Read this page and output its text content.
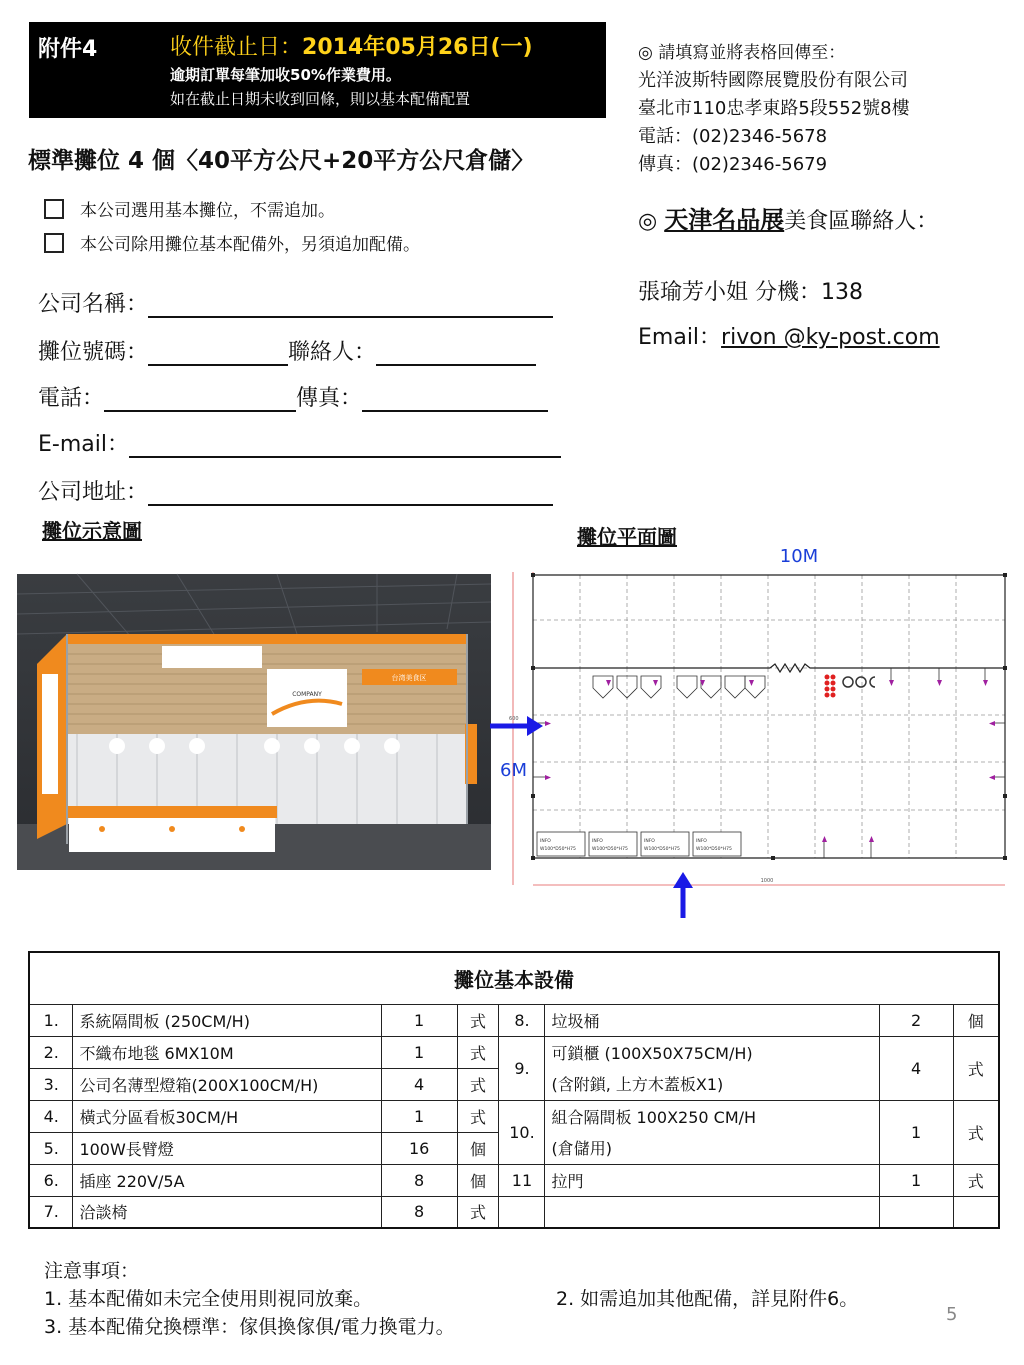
附件4	收件截止日：2014年05月26日(一)
逾期訂單每筆加收50%作業費用。
如在截止日期未收到回條，則以基本配備配置
◎ 請填寫並將表格回傳至：
光洋波斯特國際展覽股份有限公司
臺北市110忠孝東路5段552號8樓
電話：(02)2346-5678
傳真：(02)2346-5679
◎ 天津名品展美食區聯絡人：
張瑜芳小姐 分機：138
Email：rivon @ky-post.com
標準攤位 4 個〈40平方公尺+20平方公尺倉儲〉
本公司選用基本攤位，不需追加。
本公司除用攤位基本配備外，另須追加配備。
公司名稱：
攤位號碼：	聯絡人：
電話：	傳真：
E-mail：
公司地址：
攤位示意圖	攤位平面圖
COMPANY
台湾美食区
10M
1000
600
INFO
W100*D50*H75
INFO
W100*D50*H75
INFO
W100*D50*H75
INFO
W100*D50*H75
6M
攤位基本設備							
1.	系統隔間板 (250CM/H)	1	式	8.	垃圾桶	2	個
2.	不織布地毯 6MX10M	1	式	9.	可鎖櫃 (100X50X75CM/H)	4	式
3.	公司名薄型燈箱(200X100CM/H)	4	式		(含附鎖, 上方木蓋板X1)		
4.	橫式分區看板30CM/H	1	式	10.	組合隔間板 100X250 CM/H	1	式
5.	100W長臂燈	16	個		(倉儲用)		
6.	插座 220V/5A	8	個	11	拉門	1	式
7.	洽談椅	8	式				
注意事項：
1. 基本配備如未完全使用則視同放棄。	2. 如需追加其他配備，詳見附件6。
3. 基本配備兌換標準：傢俱換傢俱/電力換電力。
5
